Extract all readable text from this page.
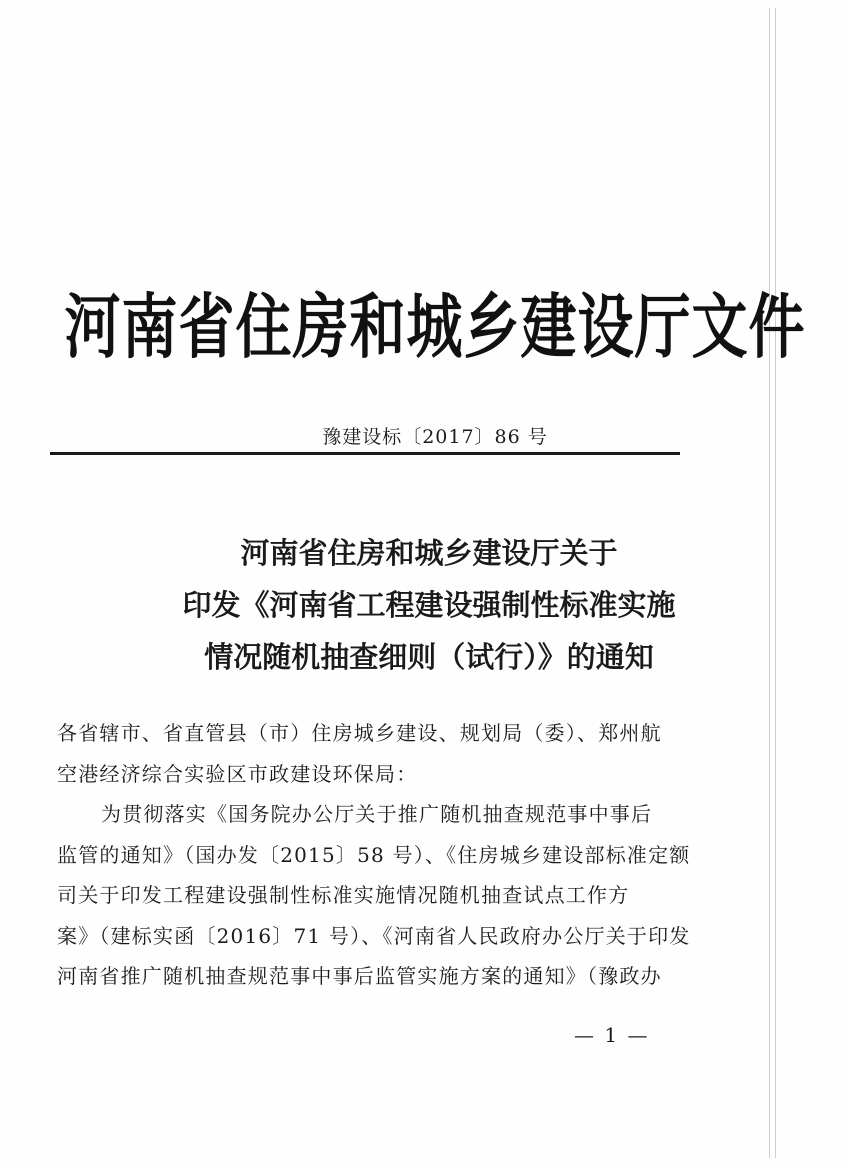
河南省住房和城乡建设厅文件
豫建设标〔2017〕86 号
河南省住房和城乡建设厅关于
印发《河南省工程建设强制性标准实施
情况随机抽查细则（试行）》的通知

各省辖市、省直管县（市）住房城乡建设、规划局（委）、郑州航
空港经济综合实验区市政建设环保局：

为贯彻落实《国务院办公厅关于推广随机抽查规范事中事后
监管的通知》（国办发〔2015〕58 号）、《住房城乡建设部标准定额
司关于印发工程建设强制性标准实施情况随机抽查试点工作方
案》（建标实函〔2016〕71 号）、《河南省人民政府办公厅关于印发
河南省推广随机抽查规范事中事后监管实施方案的通知》（豫政办

— 1 —
